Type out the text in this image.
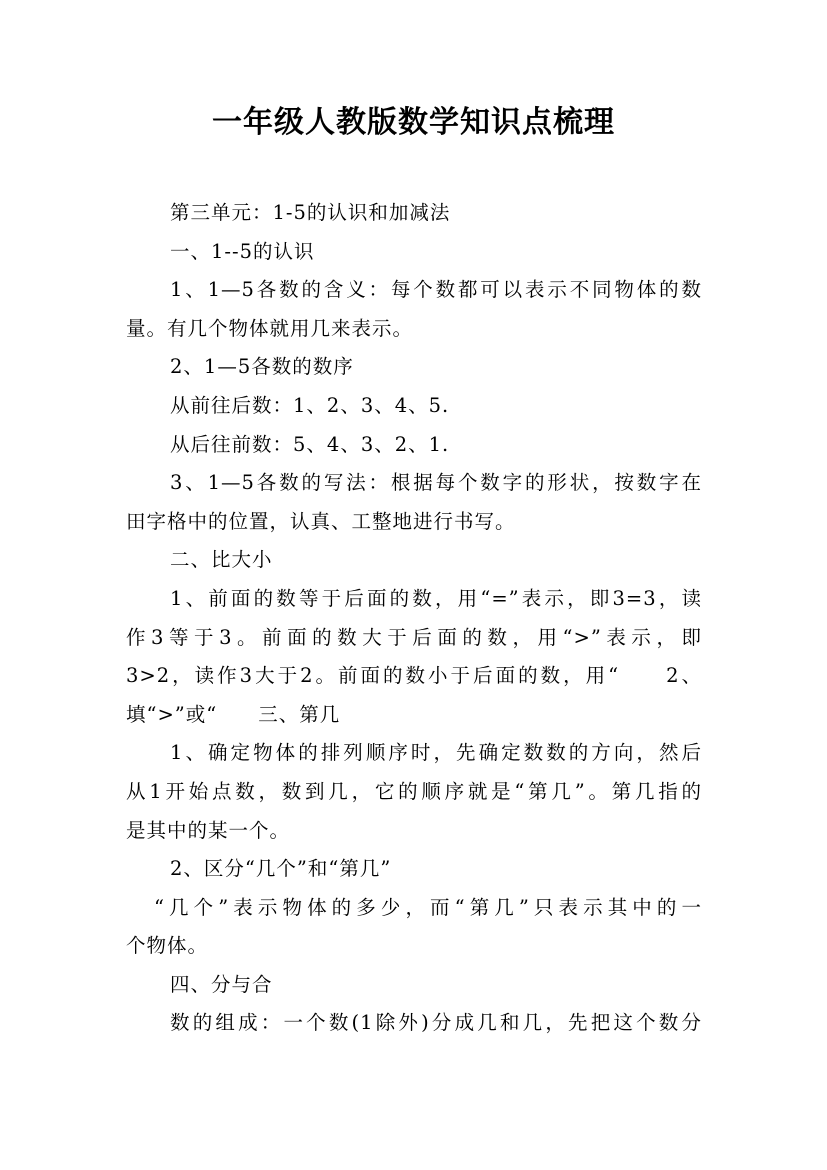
一年级人教版数学知识点梳理

第三单元：1-5的认识和加减法

一、1--5的认识

1、1—5各数的含义：每个数都可以表示不同物体的数

量。有几个物体就用几来表示。

2、1—5各数的数序

从前往后数：1、2、3、4、5.

从后往前数：5、4、3、2、1.

3、1—5各数的写法：根据每个数字的形状，按数字在

田字格中的位置，认真、工整地进行书写。

二、比大小

1、前面的数等于后面的数，用“=”表示，即3=3，读

作3等于3。前面的数大于后面的数，用“>”表示，即

3>2，读作3大于2。前面的数小于后面的数，用“　　2、

填“>”或“　　三、第几

1、确定物体的排列顺序时，先确定数数的方向，然后

从1开始点数，数到几，它的顺序就是“第几”。第几指的

是其中的某一个。

2、区分“几个”和“第几”

“几个”表示物体的多少，而“第几”只表示其中的一

个物体。

四、分与合

数的组成：一个数(1除外)分成几和几，先把这个数分
